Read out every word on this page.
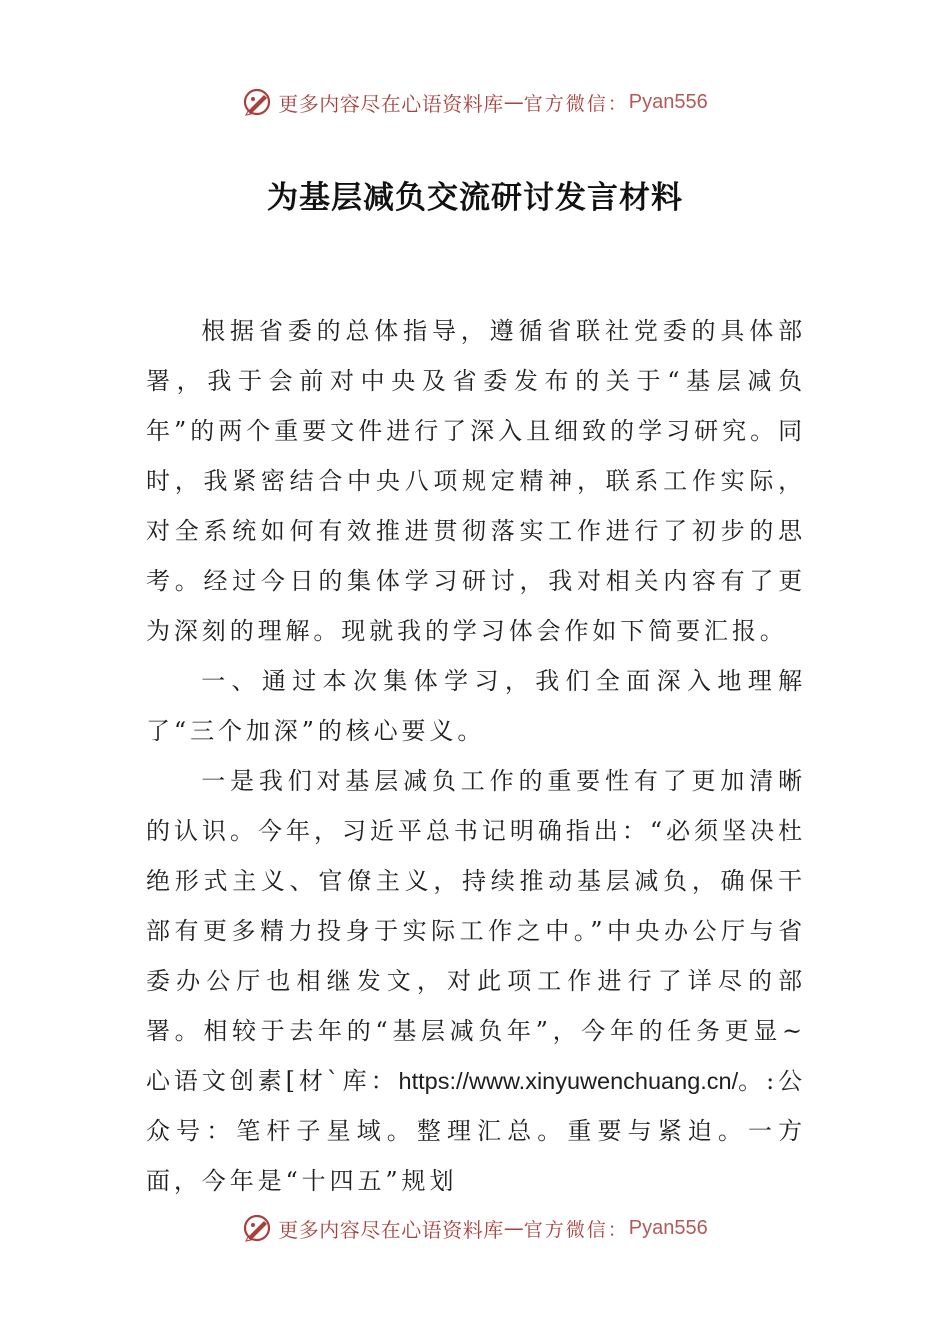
更多内容尽在心语资料库 — 官方微信： Pyan556
为基层减负交流研讨发言材料

根据省委的总体指导，遵循省联社党委的具体部署，我于会前对中央及省委发布的关于“基层减负年”的两个重要文件进行了深入且细致的学习研究。同时，我紧密结合中央八项规定精神，联系工作实际，对全系统如何有效推进贯彻落实工作进行了初步的思考。经过今日的集体学习研讨，我对相关内容有了更为深刻的理解。现就我的学习体会作如下简要汇报。

一、通过本次集体学习，我们全面深入地理解了“三个加深”的核心要义。

一是我们对基层减负工作的重要性有了更加清晰的认识。今年，习近平总书记明确指出：“必须坚决杜绝形式主义、官僚主义，持续推动基层减负，确保干部有更多精力投身于实际工作之中。”中央办公厅与省委办公厅也相继发文，对此项工作进行了详尽的部署。相较于去年的“基层减负年”，今年的任务更显~心语文创素[材`库：https://www.xinyuwenchuang.cn/。:公众号：笔杆子星域。整理汇总。重要与紧迫。一方面，今年是“十四五”规划

更多内容尽在心语资料库 — 官方微信： Pyan556
